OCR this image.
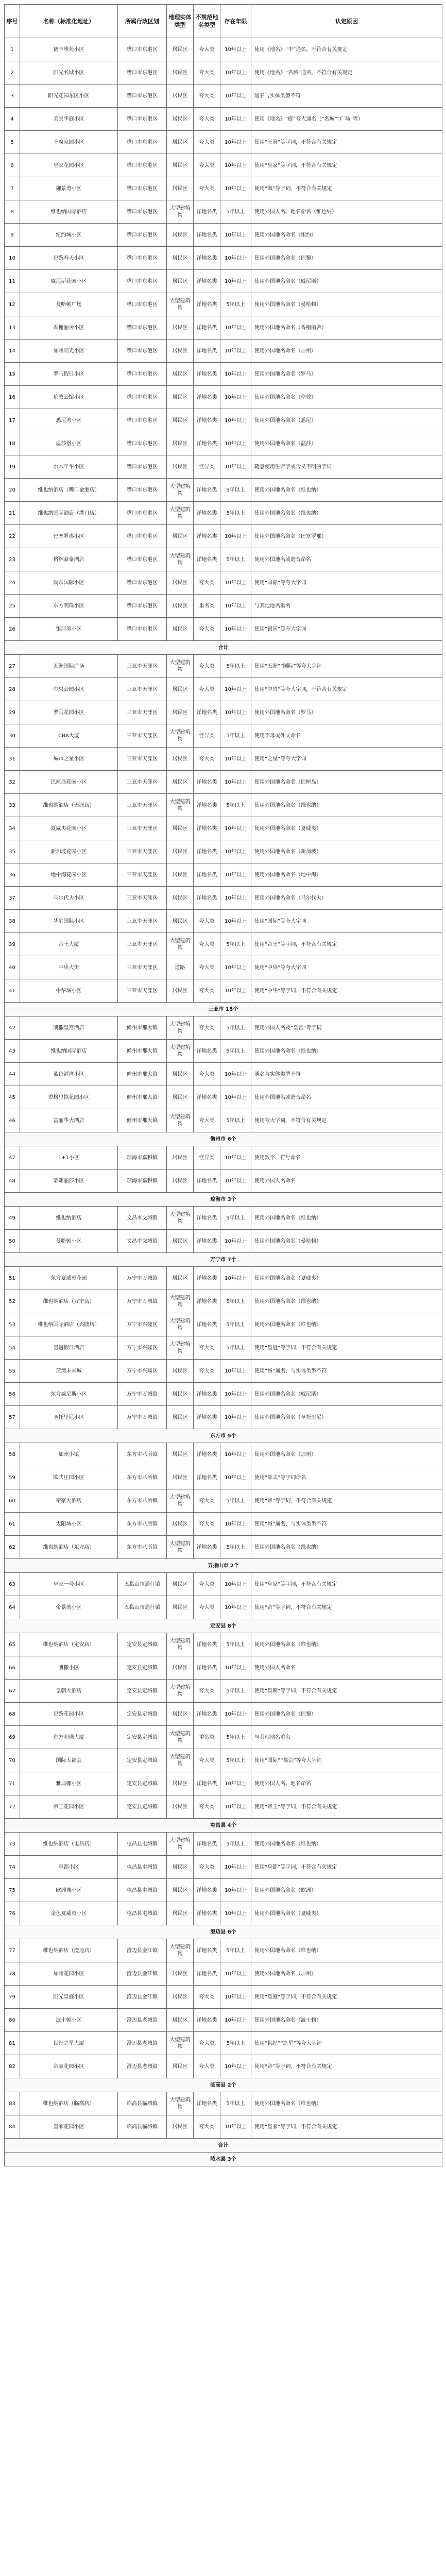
序号	名称（标准化地址）	所属行政区划	地理实体类型	不规范地名类型	存在年限	认定原因
1	鹤丰雅苑小区	嘴口市东港区	居民区	夸大类	10年以上	使用《地名》“丰”通名，不符合有关规定
2	阳光名城小区	嘴口市东港区	居民区	夸大类	10年以上	使用《地名》“名城”通名，不符合有关规定
3	阳光花园东区小区	嘴口市东港区	居民区	夸大类	10年以上	通名与实体类型不符
4	美景华庭小区	嘴口市东港区	居民区	夸大类	10年以上	使用《地名》“庭”夸大通名（“名城”“广场”等）
5	王府家园小区	嘴口市东港区	居民区	夸大类	10年以上	使用“王府”等字词，不符合有关规定
6	皇家花园小区	嘴口市东港区	居民区	夸大类	10年以上	使用“皇家”等字词，不符合有关规定
7	御景湾小区	嘴口市东港区	居民区	夸大类	10年以上	使用“御”等字词，不符合有关规定
8	维也纳国际酒店	嘴口市东港区	大型建筑物	洋地名类	5年以上	使用外国人名、地名命名（维也纳）
9	纽约城小区	嘴口市东港区	居民区	洋地名类	10年以上	使用外国地名命名（纽约）
10	巴黎春天小区	嘴口市东港区	居民区	洋地名类	10年以上	使用外国地名命名（巴黎）
11	威尼斯花园小区	嘴口市东港区	居民区	洋地名类	10年以上	使用外国地名命名（威尼斯）
12	曼哈顿广场	嘴口市东港区	大型建筑物	洋地名类	5年以上	使用外国地名命名（曼哈顿）
13	香榭丽舍小区	嘴口市东港区	居民区	洋地名类	10年以上	使用外国地名命名（香榭丽舍）
14	加州阳光小区	嘴口市东港区	居民区	洋地名类	10年以上	使用外国地名命名（加州）
15	罗马假日小区	嘴口市东港区	居民区	洋地名类	10年以上	使用外国地名命名（罗马）
16	伦敦公馆小区	嘴口市东港区	居民区	洋地名类	10年以上	使用外国地名命名（伦敦）
17	悉尼湾小区	嘴口市东港区	居民区	洋地名类	10年以上	使用外国地名命名（悉尼）
18	温莎堡小区	嘴口市东港区	居民区	洋地名类	10年以上	使用外国地名命名（温莎）
19	水木年华小区	嘴口市东港区	居民区	怪异类	10年以上	随意使用生僻字或含义不明的字词
20	维也纳酒店（嘴口金港店）	嘴口市东港区	大型建筑物	洋地名类	5年以上	使用外国地名命名（维也纳）
21	维也纳国际酒店（港口店）	嘴口市东港区	大型建筑物	洋地名类	5年以上	使用外国地名命名（维也纳）
22	巴塞罗那小区	嘴口市东港区	居民区	洋地名类	10年以上	使用外国地名命名（巴塞罗那）
23	格林豪泰酒店	嘴口市东港区	大型建筑物	洋地名类	5年以上	使用外国地名或谐音命名
24	尚东国际小区	嘴口市东港区	居民区	夸大类	10年以上	使用“国际”等夸大字词
25	东方明珠小区	嘴口市东港区	居民区	重名类	10年以上	与其他地名重名
26	银河湾小区	嘴口市东港区	居民区	夸大类	10年以上	使用“银河”等夸大字词
合计						
27	五洲国际广场	三亚市天涯区	大型建筑物	夸大类	5年以上	使用“五洲”“国际”等夸大字词
28	中央公园小区	三亚市天涯区	居民区	夸大类	10年以上	使用“中央”等夸大字词，不符合有关规定
29	罗马花园小区	三亚市天涯区	居民区	洋地名类	10年以上	使用外国地名命名（罗马）
30	CBA大厦	三亚市天涯区	大型建筑物	怪异类	5年以上	使用字母或外文命名
31	城市之星小区	三亚市天涯区	居民区	夸大类	10年以上	使用“之星”等夸大字词
32	巴厘岛花园小区	三亚市天涯区	居民区	洋地名类	10年以上	使用外国地名命名（巴厘岛）
33	维也纳酒店（天涯店）	三亚市天涯区	大型建筑物	洋地名类	5年以上	使用外国地名命名（维也纳）
34	夏威夷花园小区	三亚市天涯区	居民区	洋地名类	10年以上	使用外国地名命名（夏威夷）
35	新加坡花园小区	三亚市天涯区	居民区	洋地名类	10年以上	使用外国地名命名（新加坡）
36	地中海花园小区	三亚市天涯区	居民区	洋地名类	10年以上	使用外国地名命名（地中海）
37	马尔代夫小区	三亚市天涯区	居民区	洋地名类	10年以上	使用外国地名命名（马尔代夫）
38	华庭国际小区	三亚市天涯区	居民区	夸大类	10年以上	使用“国际”等夸大字词
39	帝王大厦	三亚市天涯区	大型建筑物	夸大类	5年以上	使用“帝王”等字词，不符合有关规定
40	中央大街	三亚市天涯区	道路	夸大类	10年以上	使用“中央”等夸大字词
41	中华城小区	三亚市天涯区	居民区	夸大类	10年以上	使用“中华”等字词，不符合有关规定
三亚市 15个						
42	凯撒皇宫酒店	儋州市那大镇	大型建筑物	夸大类	5年以上	使用外国人名及“皇宫”等字词
43	维也纳国际酒店	儋州市那大镇	大型建筑物	洋地名类	5年以上	使用外国地名命名（维也纳）
44	蓝色港湾小区	儋州市那大镇	居民区	夸大类	10年以上	通名与实体类型不符
45	香格里拉花园小区	儋州市那大镇	居民区	洋地名类	10年以上	使用外国地名或谐音命名
46	富丽华大酒店	儋州市那大镇	大型建筑物	夸大类	5年以上	使用夸大字词，不符合有关规定
儋州市 6个						
47	1+1小区	琼海市嘉积镇	居民区	怪异类	10年以上	使用数字、符号命名
48	蒙娜丽莎小区	琼海市嘉积镇	居民区	洋地名类	10年以上	使用外国人名命名
琼海市 3个						
49	维也纳酒店	文昌市文城镇	大型建筑物	洋地名类	5年以上	使用外国地名命名（维也纳）
50	曼哈顿小区	文昌市文城镇	居民区	洋地名类	10年以上	使用外国地名命名（曼哈顿）
万宁市 7个						
51	东方夏威夷花园	万宁市万城镇	居民区	洋地名类	10年以上	使用外国地名命名（夏威夷）
52	维也纳酒店（万宁店）	万宁市万城镇	大型建筑物	洋地名类	5年以上	使用外国地名命名（维也纳）
53	维也纳国际酒店（兴隆店）	万宁市兴隆区	大型建筑物	洋地名类	5年以上	使用外国地名命名（维也纳）
54	皇冠假日酒店	万宁市兴隆区	大型建筑物	夸大类	5年以上	使用“皇冠”等字词，不符合有关规定
55	蓝湾未来城	万宁市兴隆区	居民区	夸大类	10年以上	使用“城”通名，与实体类型不符
56	东方威尼斯小区	万宁市万城镇	居民区	洋地名类	10年以上	使用外国地名命名（威尼斯）
57	圣托里尼小区	万宁市万城镇	居民区	洋地名类	10年以上	使用外国地名命名（圣托里尼）
东方市 5个						
58	加州小镇	东方市八所镇	居民区	洋地名类	10年以上	使用外国地名命名（加州）
59	欧式庄园小区	东方市八所镇	居民区	洋地名类	10年以上	使用“欧式”等字词命名
60	帝豪大酒店	东方市八所镇	大型建筑物	夸大类	5年以上	使用“帝”等字词，不符合有关规定
61	太阳城小区	东方市八所镇	居民区	夸大类	10年以上	使用“城”通名，与实体类型不符
62	维也纳酒店（东方店）	东方市八所镇	大型建筑物	洋地名类	5年以上	使用外国地名命名（维也纳）
五指山市 2个						
63	皇家一号小区	五指山市通什镇	居民区	夸大类	10年以上	使用“皇家”等字词，不符合有关规定
64	帝景湾小区	五指山市通什镇	居民区	夸大类	10年以上	使用“帝”等字词，不符合有关规定
定安县 8个						
65	维也纳酒店（定安店）	定安县定城镇	大型建筑物	洋地名类	5年以上	使用外国地名命名（维也纳）
66	凯撒小区	定安县定城镇	居民区	洋地名类	10年以上	使用外国人名命名
67	皇朝大酒店	定安县定城镇	大型建筑物	夸大类	5年以上	使用“皇朝”等字词，不符合有关规定
68	巴黎花园小区	定安县定城镇	居民区	洋地名类	10年以上	使用外国地名命名（巴黎）
69	东方明珠大厦	定安县定城镇	大型建筑物	重名类	5年以上	与其他地名重名
70	国际大都会	定安县定城镇	大型建筑物	夸大类	5年以上	使用“国际”“都会”等夸大字词
71	雅典娜小区	定安县定城镇	居民区	洋地名类	10年以上	使用外国人名、地名命名
72	帝王花园小区	定安县定城镇	居民区	夸大类	10年以上	使用“帝王”等字词，不符合有关规定
屯昌县 4个						
73	维也纳酒店（屯昌店）	屯昌县屯城镇	大型建筑物	洋地名类	5年以上	使用外国地名命名（维也纳）
74	皇都小区	屯昌县屯城镇	居民区	夸大类	10年以上	使用“皇都”等字词，不符合有关规定
75	欧洲城小区	屯昌县屯城镇	居民区	洋地名类	10年以上	使用外国地名命名（欧洲）
76	金色夏威夷小区	屯昌县屯城镇	居民区	洋地名类	10年以上	使用外国地名命名（夏威夷）
澄迈县 6个						
77	维也纳酒店（澄迈店）	澄迈县金江镇	大型建筑物	洋地名类	5年以上	使用外国地名命名（维也纳）
78	加州花园小区	澄迈县金江镇	居民区	洋地名类	10年以上	使用外国地名命名（加州）
79	阳光皇庭小区	澄迈县金江镇	居民区	夸大类	10年以上	使用“皇庭”等字词，不符合有关规定
80	波士顿小区	澄迈县老城镇	居民区	洋地名类	10年以上	使用外国地名命名（波士顿）
81	世纪之星大厦	澄迈县老城镇	大型建筑物	夸大类	5年以上	使用“世纪”“之星”等夸大字词
82	帝豪花园小区	澄迈县老城镇	居民区	夸大类	10年以上	使用“帝”等字词，不符合有关规定
临高县 2个						
83	维也纳酒店（临高店）	临高县临城镇	大型建筑物	洋地名类	5年以上	使用外国地名命名（维也纳）
84	皇家花园小区	临高县临城镇	居民区	夸大类	10年以上	使用“皇家”等字词，不符合有关规定
合计						
陵水县 3个						
